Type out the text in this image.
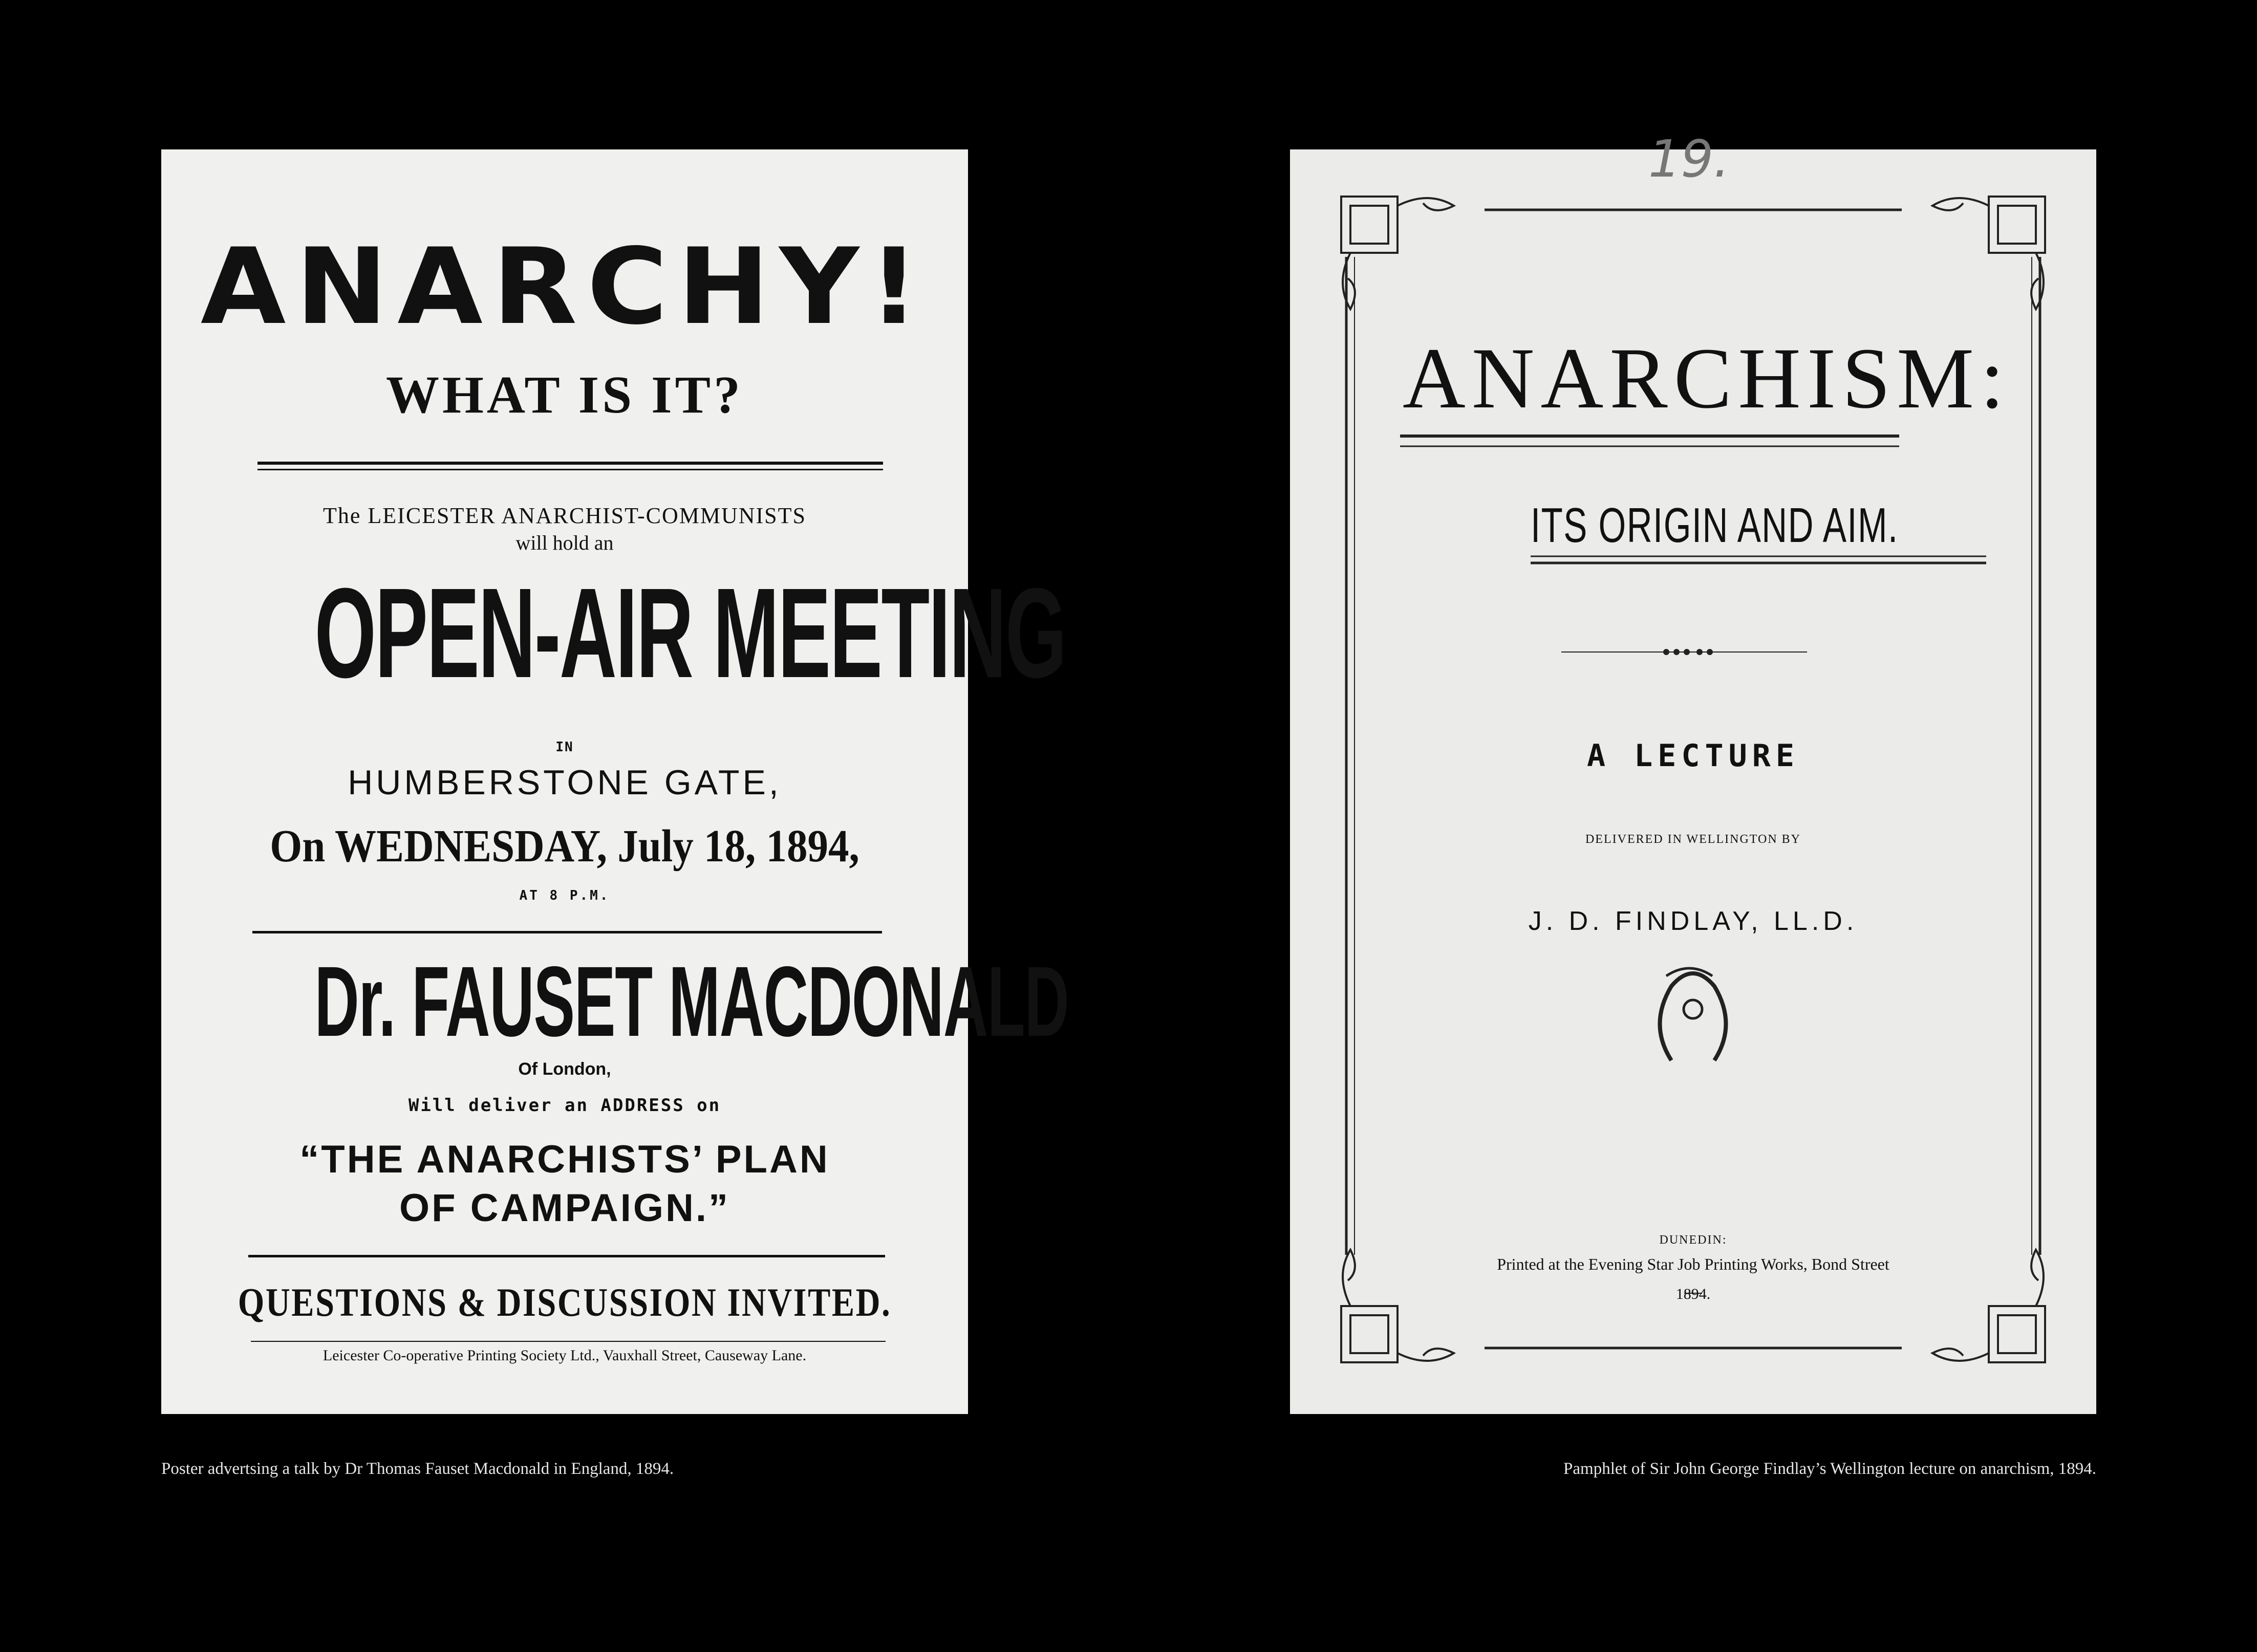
ANARCHY!
WHAT IS IT?
The LEICESTER ANARCHIST-COMMUNISTS
will hold an
OPEN-AIR MEETING
IN
HUMBERSTONE GATE,
On WEDNESDAY, July 18, 1894,
AT 8 P.M.
Dr. FAUSET MACDONALD
Of London,
Will deliver an ADDRESS on
“THE ANARCHISTS’ PLAN
OF CAMPAIGN.”
QUESTIONS & DISCUSSION INVITED.
Leicester Co-operative Printing Society Ltd., Vauxhall Street, Causeway Lane.
19.
ANARCHISM:
ITS ORIGIN AND AIM.
A LECTURE
DELIVERED IN WELLINGTON BY
J. D. FINDLAY, LL.D.
DUNEDIN:
Printed at the Evening Star Job Printing Works, Bond Street
1894.
Poster advertsing a talk by Dr Thomas Fauset Macdonald in England, 1894.	Pamphlet of Sir John George Findlay’s Wellington lecture on anarchism, 1894.
